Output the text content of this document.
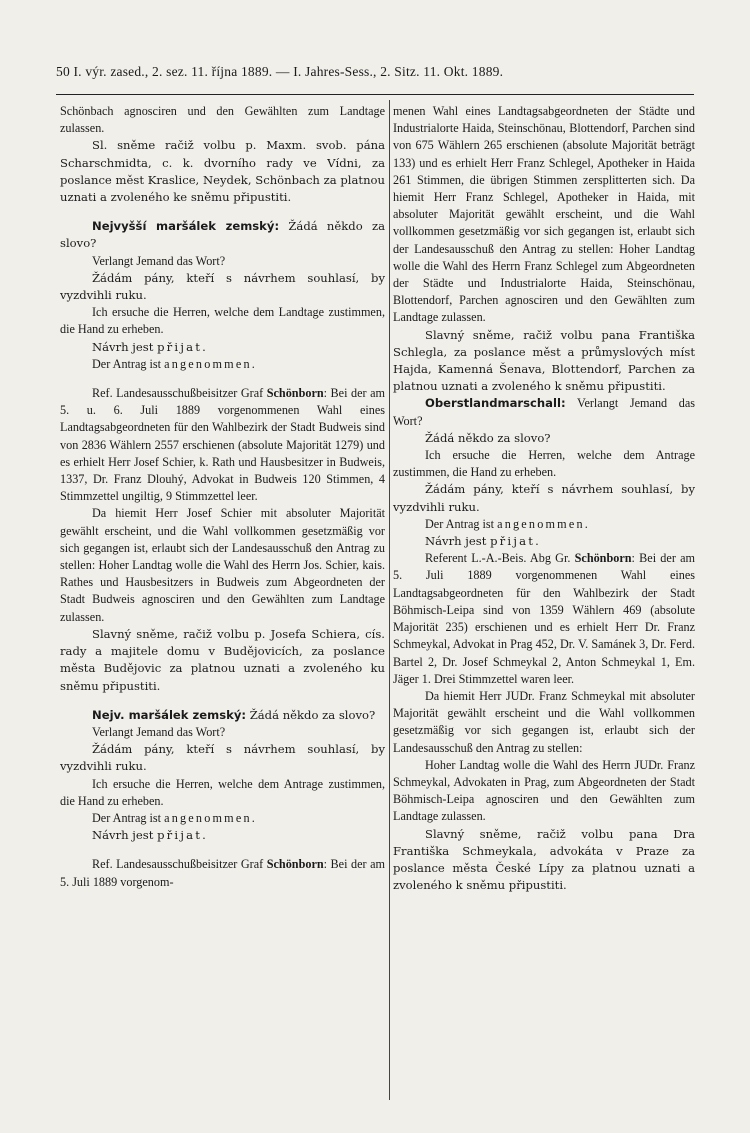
50 I. výr. zased., 2. sez. 11. října 1889. — I. Jahres-Sess., 2. Sitz. 11. Okt. 1889.

Schönbach agnosciren und den Gewählten zum Landtage zulassen.

Sl. sněme račiž volbu p. Maxm. svob. pána Scharschmidta, c. k. dvorního rady ve Vídni, za poslance měst Kraslice, Neydek, Schönbach za platnou uznati a zvoleného ke sněmu připustiti.

Nejvyšší maršálek zemský: Žádá někdo za slovo?

Verlangt Jemand das Wort?

Žádám pány, kteří s návrhem souhlasí, by vyzdvihli ruku.

Ich ersuche die Herren, welche dem Landtage zustimmen, die Hand zu erheben.

Návrh jest přijat.

Der Antrag ist angenommen.

Ref. Landesausschußbeisitzer Graf Schönborn: Bei der am 5. u. 6. Juli 1889 vorgenommenen Wahl eines Landtagsabgeordneten für den Wahlbezirk der Stadt Budweis sind von 2836 Wählern 2557 erschienen (absolute Majorität 1279) und es erhielt Herr Josef Schier, k. Rath und Hausbesitzer in Budweis, 1337, Dr. Franz Dlouhý, Advokat in Budweis 120 Stimmen, 4 Stimmzettel ungiltig, 9 Stimmzettel leer.

Da hiemit Herr Josef Schier mit absoluter Majorität gewählt erscheint, und die Wahl vollkommen gesetzmäßig vor sich gegangen ist, erlaubt sich der Landesausschuß den Antrag zu stellen: Hoher Landtag wolle die Wahl des Herrn Jos. Schier, kais. Rathes und Hausbesitzers in Budweis zum Abgeordneten der Stadt Budweis agnosciren und den Gewählten zum Landtage zulassen.

Slavný sněme, račiž volbu p. Josefa Schiera, cís. rady a majitele domu v Budějovicích, za poslance města Budějovic za platnou uznati a zvoleného ku sněmu připustiti.

Nejv. maršálek zemský: Žádá někdo za slovo?

Verlangt Jemand das Wort?

Žádám pány, kteří s návrhem souhlasí, by vyzdvihli ruku.

Ich ersuche die Herren, welche dem Antrage zustimmen, die Hand zu erheben.

Der Antrag ist angenommen.

Návrh jest přijat.

Ref. Landesausschußbeisitzer Graf Schönborn: Bei der am 5. Juli 1889 vorgenom-

menen Wahl eines Landtagsabgeordneten der Städte und Industrialorte Haida, Steinschönau, Blottendorf, Parchen sind von 675 Wählern 265 erschienen (absolute Majorität beträgt 133) und es erhielt Herr Franz Schlegel, Apotheker in Haida 261 Stimmen, die übrigen Stimmen zersplitterten sich. Da hiemit Herr Franz Schlegel, Apotheker in Haida, mit absoluter Majorität gewählt erscheint, und die Wahl vollkommen gesetzmäßig vor sich gegangen ist, erlaubt sich der Landesausschuß den Antrag zu stellen: Hoher Landtag wolle die Wahl des Herrn Franz Schlegel zum Abgeordneten der Städte und Industrialorte Haida, Steinschönau, Blottendorf, Parchen agnosciren und den Gewählten zum Landtage zulassen.

Slavný sněme, račiž volbu pana Františka Schlegla, za poslance měst a průmyslových míst Hajda, Kamenná Šenava, Blottendorf, Parchen za platnou uznati a zvoleného k sněmu připustiti.

Oberstlandmarschall: Verlangt Jemand das Wort?

Žádá někdo za slovo?

Ich ersuche die Herren, welche dem Antrage zustimmen, die Hand zu erheben.

Žádám pány, kteří s návrhem souhlasí, by vyzdvihli ruku.

Der Antrag ist angenommen.

Návrh jest přijat.

Referent L.-A.-Beis. Abg Gr. Schönborn: Bei der am 5. Juli 1889 vorgenommenen Wahl eines Landtagsabgeordneten für den Wahlbezirk der Stadt Böhmisch-Leipa sind von 1359 Wählern 469 (absolute Majorität 235) erschienen und es erhielt Herr Dr. Franz Schmeykal, Advokat in Prag 452, Dr. V. Samánek 3, Dr. Ferd. Bartel 2, Dr. Josef Schmeykal 2, Anton Schmeykal 1, Em. Jäger 1. Drei Stimmzettel waren leer.

Da hiemit Herr JUDr. Franz Schmeykal mit absoluter Majorität gewählt erscheint und die Wahl vollkommen gesetzmäßig vor sich gegangen ist, erlaubt sich der Landesausschuß den Antrag zu stellen:

Hoher Landtag wolle die Wahl des Herrn JUDr. Franz Schmeykal, Advokaten in Prag, zum Abgeordneten der Stadt Böhmisch-Leipa agnosciren und den Gewählten zum Landtage zulassen.

Slavný sněme, račiž volbu pana Dra Františka Schmeykala, advokáta v Praze za poslance města České Lípy za platnou uznati a zvoleného k sněmu připustiti.
